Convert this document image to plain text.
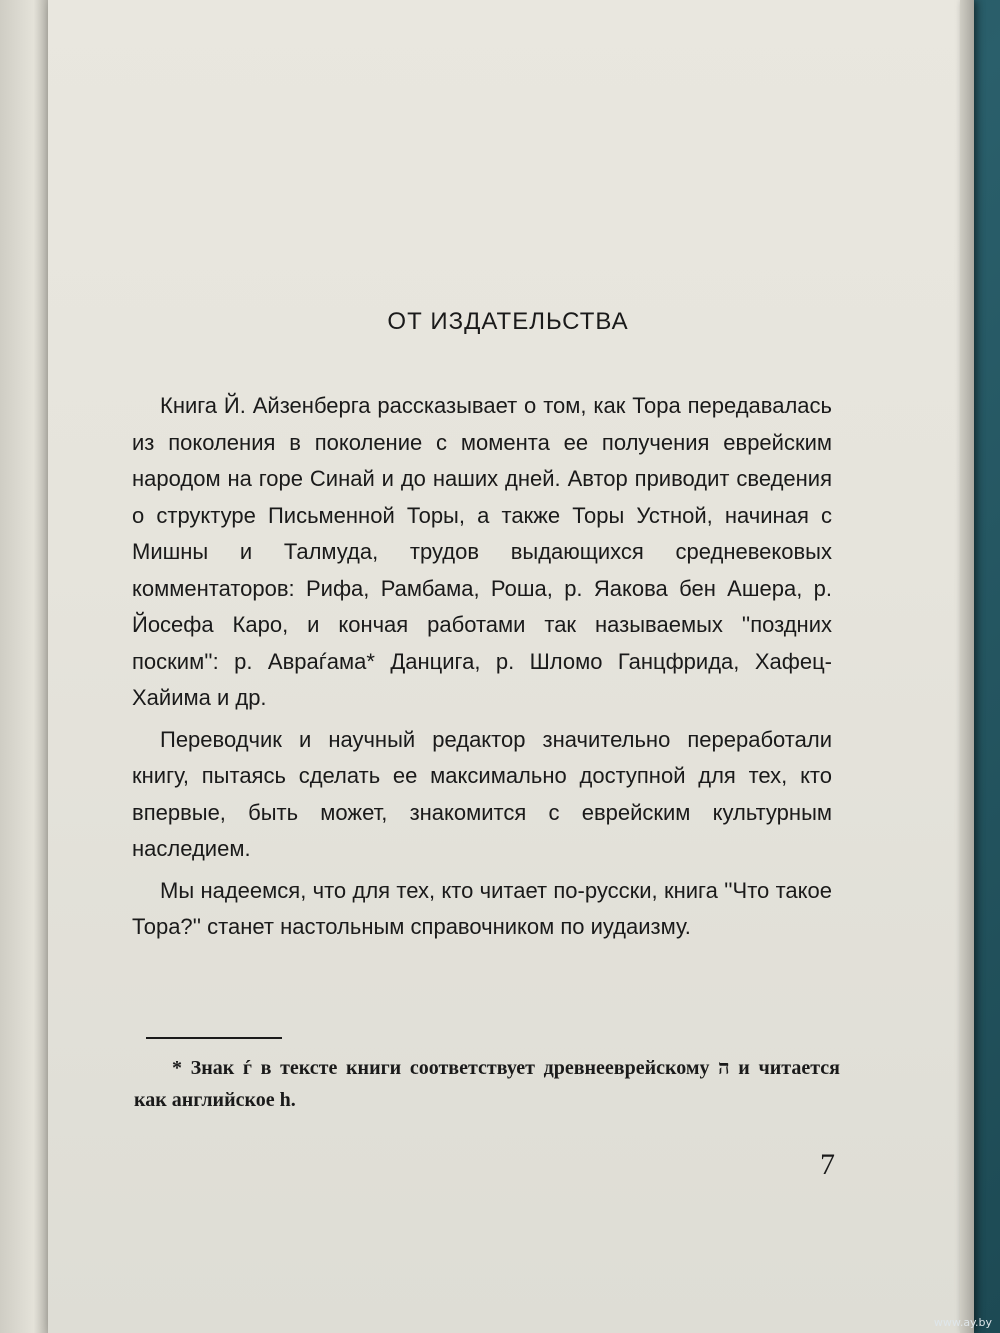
ОТ ИЗДАТЕЛЬСТВА

Книга Й. Айзенберга рассказывает о том, как Тора передавалась из поколения в поколение с момента ее получения еврейским народом на горе Синай и до наших дней. Автор приводит сведения о структуре Письменной Торы, а также Торы Устной, начиная с Мишны и Талмуда, трудов выдающихся средневековых комментаторов: Рифа, Рамбама, Роша, р. Яакова бен Ашера, р. Йосефа Каро, и кончая работами так называемых ''поздних поским'': р. Авраѓама* Данцига, р. Шломо Ганцфрида, Хафец-Хайима и др.

Переводчик и научный редактор значительно переработали книгу, пытаясь сделать ее максимально доступной для тех, кто впервые, быть может, знакомится с еврейским культурным наследием.

Мы надеемся, что для тех, кто читает по-русски, книга ''Что такое Тора?'' станет настольным справочником по иудаизму.

* Знак ѓ в тексте книги соответствует древнееврейскому ה и читается как английское h.

7
www.ay.by
